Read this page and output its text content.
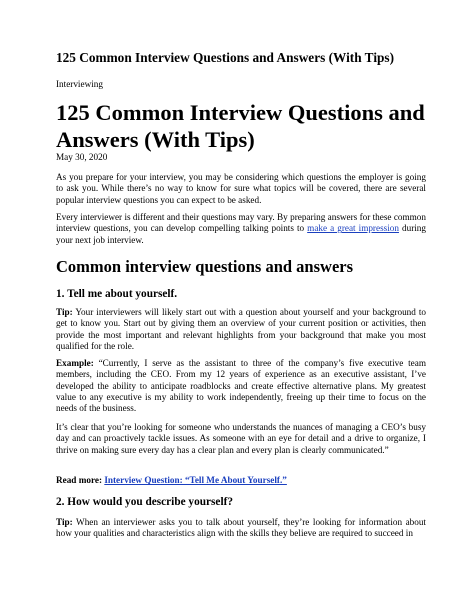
125 Common Interview Questions and Answers (With Tips)

Interviewing

125 Common Interview Questions and Answers (With Tips)

May 30, 2020

As you prepare for your interview, you may be considering which questions the employer is going to ask you. While there’s no way to know for sure what topics will be covered, there are several popular interview questions you can expect to be asked.

Every interviewer is different and their questions may vary. By preparing answers for these common interview questions, you can develop compelling talking points to make a great impression during your next job interview.

Common interview questions and answers
1. Tell me about yourself.

Tip: Your interviewers will likely start out with a question about yourself and your background to get to know you. Start out by giving them an overview of your current position or activities, then provide the most important and relevant highlights from your background that make you most qualified for the role.

Example: “Currently, I serve as the assistant to three of the company’s five executive team members, including the CEO. From my 12 years of experience as an executive assistant, I’ve developed the ability to anticipate roadblocks and create effective alternative plans. My greatest value to any executive is my ability to work independently, freeing up their time to focus on the needs of the business.

It’s clear that you’re looking for someone who understands the nuances of managing a CEO’s busy day and can proactively tackle issues. As someone with an eye for detail and a drive to organize, I thrive on making sure every day has a clear plan and every plan is clearly communicated.”

Read more: Interview Question: “Tell Me About Yourself.”

2. How would you describe yourself?

Tip: When an interviewer asks you to talk about yourself, they’re looking for information about how your qualities and characteristics align with the skills they believe are required to succeed in
